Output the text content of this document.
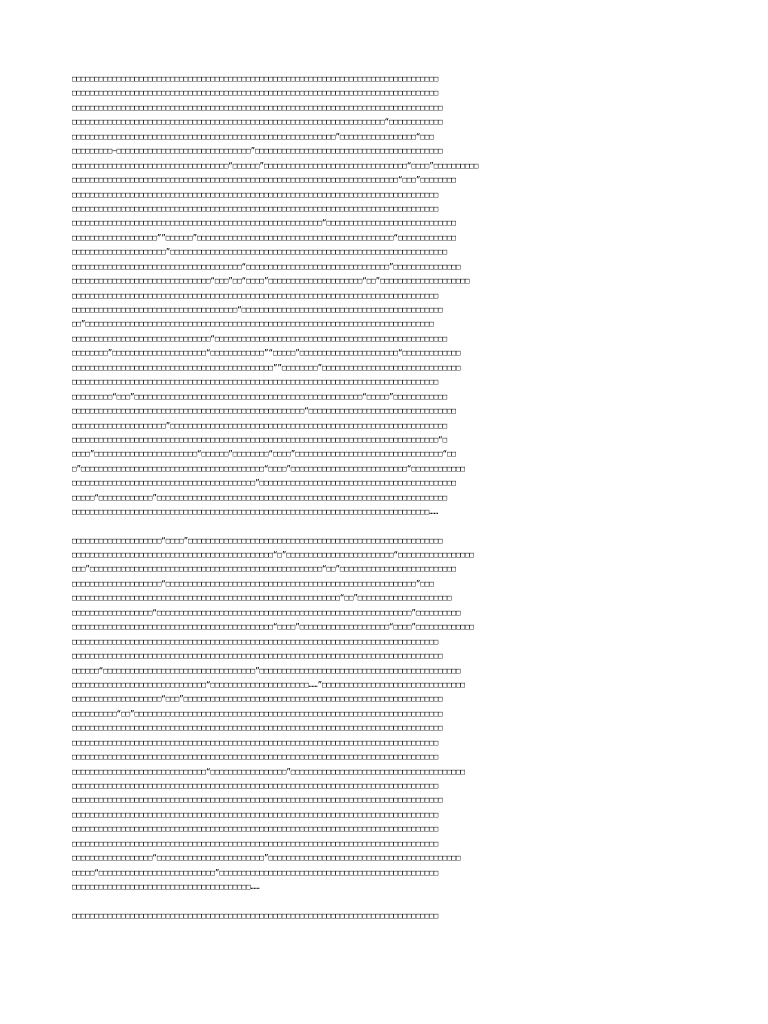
□□□□□□□□□□□□□□□□□□□□□□□□□□□□□□□□□□□□□□□□□□□□□□□□□□□□□□□□□□□□□□□□□□□□□□□□□□□□□□□□□□
□□□□□□□□□□□□□□□□□□□□□□□□□□□□□□□□□□□□□□□□□□□□□□□□□□□□□□□□□□□□□□□□□□□□□□□□□□□□□□□□□□
□□□□□□□□□□□□□□□□□□□□□□□□□□□□□□□□□□□□□□□□□□□□□□□□□□□□□□□□□□□□□□□□□□□□□□□□□□□□□□□□□□□
□□□□□□□□□□□□□□□□□□□□□□□□□□□□□□□□□□□□□□□□□□□□□□□□□□□□□□□□□□□□□□□□□□□□□□“□□□□□□□□□□□□
□□□□□□□□□□□□□□□□□□□□□□□□□□□□□□□□□□□□□□□□□□□□□□□□□□□□□□□□□□□”□□□□□□□□□□□□□□□□□“□□□
□□□□□□□□□—□□□□□□□□□□□□□□□□□□□□□□□□□□□□□□”□□□□□□□□□□□□□□□□□□□□□□□□□□□□□□□□□□□□□□□□□□
□□□□□□□□□□□□□□□□□□□□□□□□□□□□□□□□□□□“□□□□□□”□□□□□□□□□□□□□□□□□□□□□□□□□□□□□□□□“□□□□”□□□□□□□□□□
□□□□□□□□□□□□□□□□□□□□□□□□□□□□□□□□□□□□□□□□□□□□□□□□□□□□□□□□□□□□□□□□□□□□□□□□□“□□□”□□□□□□□□
□□□□□□□□□□□□□□□□□□□□□□□□□□□□□□□□□□□□□□□□□□□□□□□□□□□□□□□□□□□□□□□□□□□□□□□□□□□□□□□□□□
□□□□□□□□□□□□□□□□□□□□□□□□□□□□□□□□□□□□□□□□□□□□□□□□□□□□□□□□□□□□□□□□□□□□□□□□□□□□□□□□□□
□□□□□□□□□□□□□□□□□□□□□□□□□□□□□□□□□□□□□□□□□□□□□□□□□□□□□□□□“□□□□□□□□□□□□□□□□□□□□□□□□□□□□□
□□□□□□□□□□□□□□□□□□□””□□□□□□”□□□□□□□□□□□□□□□□□□□□□□□□□□□□□□□□□□□□□□□□□□□□“□□□□□□□□□□□□□
□□□□□□□□□□□□□□□□□□□□□”□□□□□□□□□□□□□□□□□□□□□□□□□□□□□□□□□□□□□□□□□□□□□□□□□□□□□□□□□□□□□□
□□□□□□□□□□□□□□□□□□□□□□□□□□□□□□□□□□□□□□“□□□□□□□□□□□□□□□□□□□□□□□□□□□□□□□□”□□□□□□□□□□□□□□□
□□□□□□□□□□□□□□□□□□□□□□□□□□□□□□□“□□□”□□“□□□□”□□□□□□□□□□□□□□□□□□□□□“□□”□□□□□□□□□□□□□□□□□□□□
□□□□□□□□□□□□□□□□□□□□□□□□□□□□□□□□□□□□□□□□□□□□□□□□□□□□□□□□□□□□□□□□□□□□□□□□□□□□□□□□□□
□□□□□□□□□□□□□□□□□□□□□□□□□□□□□□□□□□□□□“□□□□□□□□□□□□□□□□□□□□□□□□□□□□□□□□□□□□□□□□□□□□□
□□”□□□□□□□□□□□□□□□□□□□□□□□□□□□□□□□□□□□□□□□□□□□□□□□□□□□□□□□□□□□□□□□□□□□□□□□□□□□□□□
□□□□□□□□□□□□□□□□□□□□□□□□□□□□□□□“□□□□□□□□□□□□□□□□□□□□□□□□□□□□□□□□□□□□□□□□□□□□□□□□□□□□
□□□□□□□□”□□□□□□□□□□□□□□□□□□□□□“□□□□□□□□□□□□”“□□□□□”□□□□□□□□□□□□□□□□□□□□□□“□□□□□□□□□□□□□
□□□□□□□□□□□□□□□□□□□□□□□□□□□□□□□□□□□□□□□□□□□□□””□□□□□□□□”□□□□□□□□□□□□□□□□□□□□□□□□□□□□□□□
□□□□□□□□□□□□□□□□□□□□□□□□□□□□□□□□□□□□□□□□□□□□□□□□□□□□□□□□□□□□□□□□□□□□□□□□□□□□□□□□□□
□□□□□□□□□“□□□”□□□□□□□□□□□□□□□□□□□□□□□□□□□□□□□□□□□□□□□□□□□□□□□□□□□“□□□□□”□□□□□□□□□□□□
□□□□□□□□□□□□□□□□□□□□□□□□□□□□□□□□□□□□□□□□□□□□□□□□□□□□“□□□□□□□□□□□□□□□□□□□□□□□□□□□□□□□□□
□□□□□□□□□□□□□□□□□□□□□”□□□□□□□□□□□□□□□□□□□□□□□□□□□□□□□□□□□□□□□□□□□□□□□□□□□□□□□□□□□□□□
□□□□□□□□□□□□□□□□□□□□□□□□□□□□□□□□□□□□□□□□□□□□□□□□□□□□□□□□□□□□□□□□□□□□□□□□□□□□□□□□□□“□
□□□□”□□□□□□□□□□□□□□□□□□□□□□□“□□□□□□”□□□□□□□□“□□□□”□□□□□□□□□□□□□□□□□□□□□□□□□□□□□□□□□“□□
□”□□□□□□□□□□□□□□□□□□□□□□□□□□□□□□□□□□□□□□□□□“□□□□”□□□□□□□□□□□□□□□□□□□□□□□□□□“□□□□□□□□□□□□
□□□□□□□□□□□□□□□□□□□□□□□□□□□□□□□□□□□□□□□□□”□□□□□□□□□□□□□□□□□□□□□□□□□□□□□□□□□□□□□□□□□□□□
□□□□□“□□□□□□□□□□□□”□□□□□□□□□□□□□□□□□□□□□□□□□□□□□□□□□□□□□□□□□□□□□□□□□□□□□□□□□□□□□□□□□
□□□□□□□□□□□□□□□□□□□□□□□□□□□□□□□□□□□□□□□□□□□□□□□□□□□□□□□□□□□□□□□□□□□□□□□□□□□□□□□□……
□□□□□□□□□□□□□□□□□□□□“□□□□”□□□□□□□□□□□□□□□□□□□□□□□□□□□□□□□□□□□□□□□□□□□□□□□□□□□□□□□□□
□□□□□□□□□□□□□□□□□□□□□□□□□□□□□□□□□□□□□□□□□□□□□“□”□□□□□□□□□□□□□□□□□□□□□□□□“□□□□□□□□□□□□□□□□□
□□□”□□□□□□□□□□□□□□□□□□□□□□□□□□□□□□□□□□□□□□□□□□□□□□□□□□□□“□□”□□□□□□□□□□□□□□□□□□□□□□□□□□
□□□□□□□□□□□□□□□□□□□□“□□□□□□□□□□□□□□□□□□□□□□□□□□□□□□□□□□□□□□□□□□□□□□□□□□□□□□□□”□□□
□□□□□□□□□□□□□□□□□□□□□□□□□□□□□□□□□□□□□□□□□□□□□□□□□□□□□□□□□□□□“□□”□□□□□□□□□□□□□□□□□□□□□
□□□□□□□□□□□□□□□□□□“□□□□□□□□□□□□□□□□□□□□□□□□□□□□□□□□□□□□□□□□□□□□□□□□□□□□□□□□□”□□□□□□□□□□
□□□□□□□□□□□□□□□□□□□□□□□□□□□□□□□□□□□□□□□□□□□□□“□□□□”□□□□□□□□□□□□□□□□□□□□“□□□□”□□□□□□□□□□□□□
□□□□□□□□□□□□□□□□□□□□□□□□□□□□□□□□□□□□□□□□□□□□□□□□□□□□□□□□□□□□□□□□□□□□□□□□□□□□□□□□□□
□□□□□□□□□□□□□□□□□□□□□□□□□□□□□□□□□□□□□□□□□□□□□□□□□□□□□□□□□□□□□□□□□□□□□□□□□□□□□□□□□□□
□□□□□□“□□□□□□□□□□□□□□□□□□□□□□□□□□□□□□□□□□”□□□□□□□□□□□□□□□□□□□□□□□□□□□□□□□□□□□□□□□□□□□□□
□□□□□□□□□□□□□□□□□□□□□□□□□□□□□□“□□□□□□□□□□□□□□□□□□□□□□……”□□□□□□□□□□□□□□□□□□□□□□□□□□□□□□□□
□□□□□□□□□□□□□□□□□□□□“□□□”□□□□□□□□□□□□□□□□□□□□□□□□□□□□□□□□□□□□□□□□□□□□□□□□□□□□□□□□□□
□□□□□□□□□□“□□”□□□□□□□□□□□□□□□□□□□□□□□□□□□□□□□□□□□□□□□□□□□□□□□□□□□□□□□□□□□□□□□□□□□□□
□□□□□□□□□□□□□□□□□□□□□□□□□□□□□□□□□□□□□□□□□□□□□□□□□□□□□□□□□□□□□□□□□□□□□□□□□□□□□□□□□□□
□□□□□□□□□□□□□□□□□□□□□□□□□□□□□□□□□□□□□□□□□□□□□□□□□□□□□□□□□□□□□□□□□□□□□□□□□□□□□□□□□□
□□□□□□□□□□□□□□□□□□□□□□□□□□□□□□□□□□□□□□□□□□□□□□□□□□□□□□□□□□□□□□□□□□□□□□□□□□□□□□□□□□
□□□□□□□□□□□□□□□□□□□□□□□□□□□□□□“□□□□□□□□□□□□□□□□□”□□□□□□□□□□□□□□□□□□□□□□□□□□□□□□□□□□□□□□□
□□□□□□□□□□□□□□□□□□□□□□□□□□□□□□□□□□□□□□□□□□□□□□□□□□□□□□□□□□□□□□□□□□□□□□□□□□□□□□□□□□
□□□□□□□□□□□□□□□□□□□□□□□□□□□□□□□□□□□□□□□□□□□□□□□□□□□□□□□□□□□□□□□□□□□□□□□□□□□□□□□□□□□
□□□□□□□□□□□□□□□□□□□□□□□□□□□□□□□□□□□□□□□□□□□□□□□□□□□□□□□□□□□□□□□□□□□□□□□□□□□□□□□□□□
□□□□□□□□□□□□□□□□□□□□□□□□□□□□□□□□□□□□□□□□□□□□□□□□□□□□□□□□□□□□□□□□□□□□□□□□□□□□□□□□□□
□□□□□□□□□□□□□□□□□□□□□□□□□□□□□□□□□□□□□□□□□□□□□□□□□□□□□□□□□□□□□□□□□□□□□□□□□□□□□□□□□□
□□□□□□□□□□□□□□□□□□“□□□□□□□□□□□□□□□□□□□□□□□□”□□□□□□□□□□□□□□□□□□□□□□□□□□□□□□□□□□□□□□□□□□□
□□□□□“□□□□□□□□□□□□□□□□□□□□□□□□□□”□□□□□□□□□□□□□□□□□□□□□□□□□□□□□□□□□□□□□□□□□□□□□□□□□
□□□□□□□□□□□□□□□□□□□□□□□□□□□□□□□□□□□□□□□□……
□□□□□□□□□□□□□□□□□□□□□□□□□□□□□□□□□□□□□□□□□□□□□□□□□□□□□□□□□□□□□□□□□□□□□□□□□□□□□□□□□□
